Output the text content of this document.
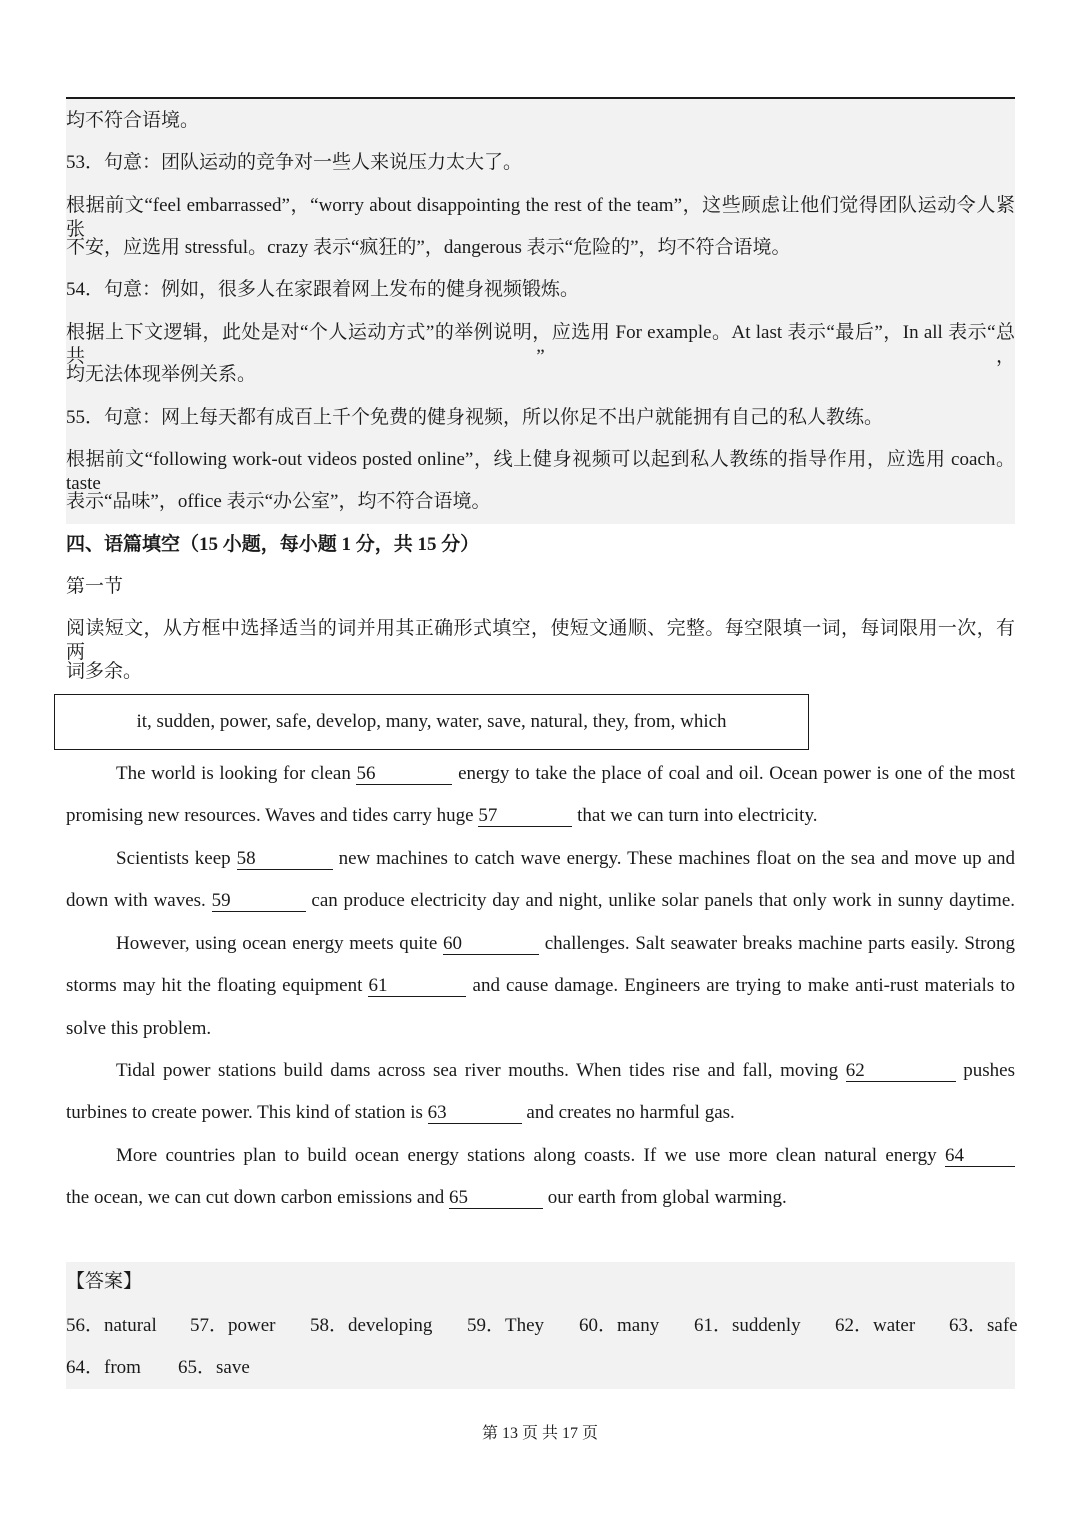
均不符合语境。
53．句意：团队运动的竞争对一些人来说压力太大了。
根据前文“feel embarrassed”，“worry about disappointing the rest of the team”，这些顾虑让他们觉得团队运动令人紧张
不安，应选用 stressful。crazy 表示“疯狂的”，dangerous 表示“危险的”，均不符合语境。
54．句意：例如，很多人在家跟着网上发布的健身视频锻炼。
根据上下文逻辑，此处是对“个人运动方式”的举例说明，应选用 For example。At last 表示“最后”，In all 表示“总共”，
均无法体现举例关系。
55．句意：网上每天都有成百上千个免费的健身视频，所以你足不出户就能拥有自己的私人教练。
根据前文“following work-out videos posted online”，线上健身视频可以起到私人教练的指导作用，应选用 coach。taste
表示“品味”，office 表示“办公室”，均不符合语境。
四、语篇填空（15 小题，每小题 1 分，共 15 分）
第一节
阅读短文，从方框中选择适当的词并用其正确形式填空，使短文通顺、完整。每空限填一词，每词限用一次，有两
词多余。
it, sudden, power, safe, develop, many, water, save, natural, they, from, which
The world is looking for clean 56	energy to take the place of coal and oil. Ocean power is one of the most
promising new resources. Waves and tides carry huge 57	that we can turn into electricity.
Scientists keep 58	new machines to catch wave energy. These machines float on the sea and move up and
down with waves. 59	can produce electricity day and night, unlike solar panels that only work in sunny daytime.
However, using ocean energy meets quite 60	challenges. Salt seawater breaks machine parts easily. Strong
storms may hit the floating equipment 61	and cause damage. Engineers are trying to make anti-rust materials to
solve this problem.
Tidal power stations build dams across sea river mouths. When tides rise and fall, moving 62	pushes
turbines to create power. This kind of station is 63	and creates no harmful gas.
More countries plan to build ocean energy stations along coasts. If we use more clean natural energy 64
the ocean, we can cut down carbon emissions and 65	our earth from global warming.
【答案】
56．natural 57．power 58．developing 59．They 60．many 61．suddenly 62．water 63．safe
64．from 65．save
第 13 页 共 17 页
